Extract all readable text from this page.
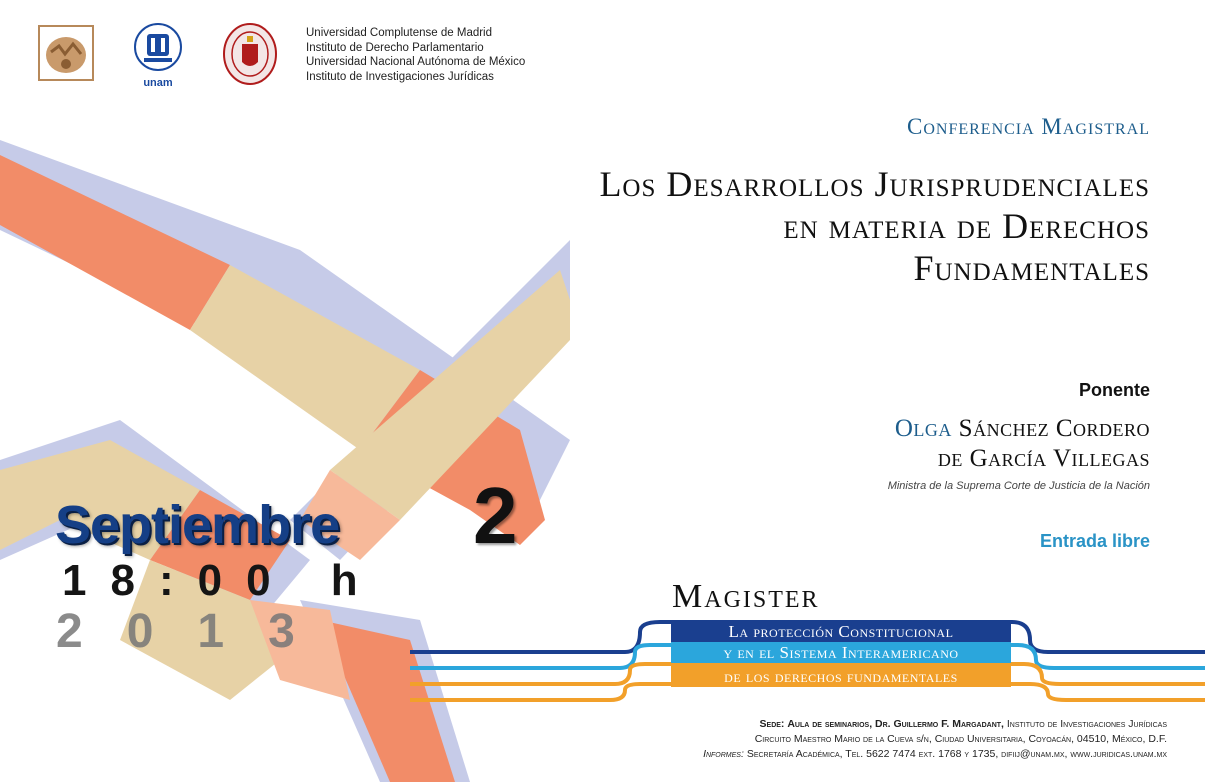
unam
Universidad Complutense de Madrid
Instituto de Derecho Parlamentario
Universidad Nacional Autónoma de México
Instituto de Investigaciones Jurídicas
Conferencia Magistral
Los Desarrollos Jurisprudenciales
en materia de Derechos
Fundamentales
Ponente
Olga Sánchez Cordero
de García Villegas
Ministra de la Suprema Corte de Justicia de la Nación
Entrada libre
Septiembre 2
18:00 h
2013
Magister
La protección Constitucional
y en el Sistema Interamericano
de los derechos fundamentales
Sede: Aula de seminarios, Dr. Guillermo F. Margadant, Instituto de Investigaciones Jurídicas
Circuito Maestro Mario de la Cueva s/n, Ciudad Universitaria, Coyoacán, 04510, México, D.F.
Informes: Secretaría Académica, Tel. 5622 7474 ext. 1768 y 1735, difiij@unam.mx, www.juridicas.unam.mx
